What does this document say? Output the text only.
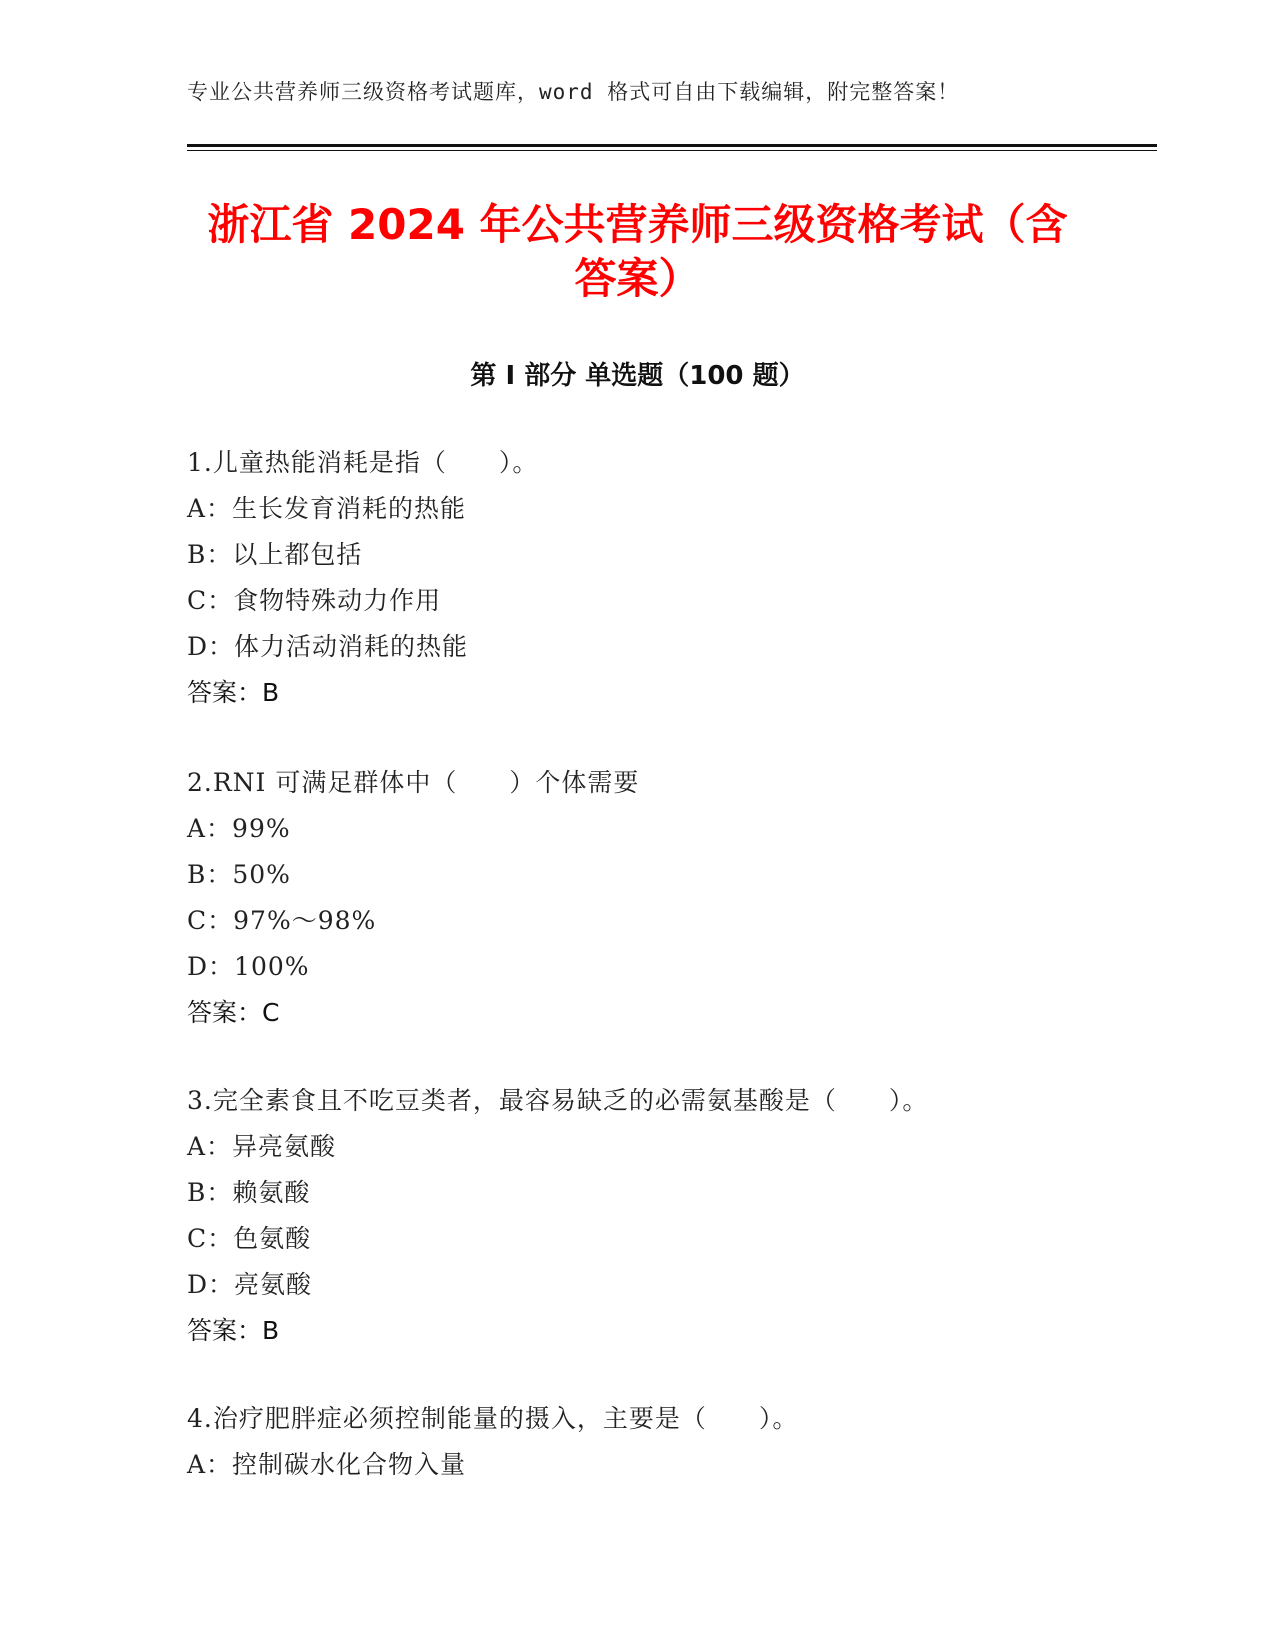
专业公共营养师三级资格考试题库，word 格式可自由下载编辑，附完整答案！
浙江省 2024 年公共营养师三级资格考试（含
答案）
第 I 部分 单选题（100 题）
1.儿童热能消耗是指（　　）。
A：生长发育消耗的热能
B：以上都包括
C：食物特殊动力作用
D：体力活动消耗的热能
答案：B
2.RNI 可满足群体中（　　）个体需要
A：99%
B：50%
C：97%～98%
D：100%
答案：C
3.完全素食且不吃豆类者，最容易缺乏的必需氨基酸是（　　）。
A：异亮氨酸
B：赖氨酸
C：色氨酸
D：亮氨酸
答案：B
4.治疗肥胖症必须控制能量的摄入，主要是（　　）。
A：控制碳水化合物入量
